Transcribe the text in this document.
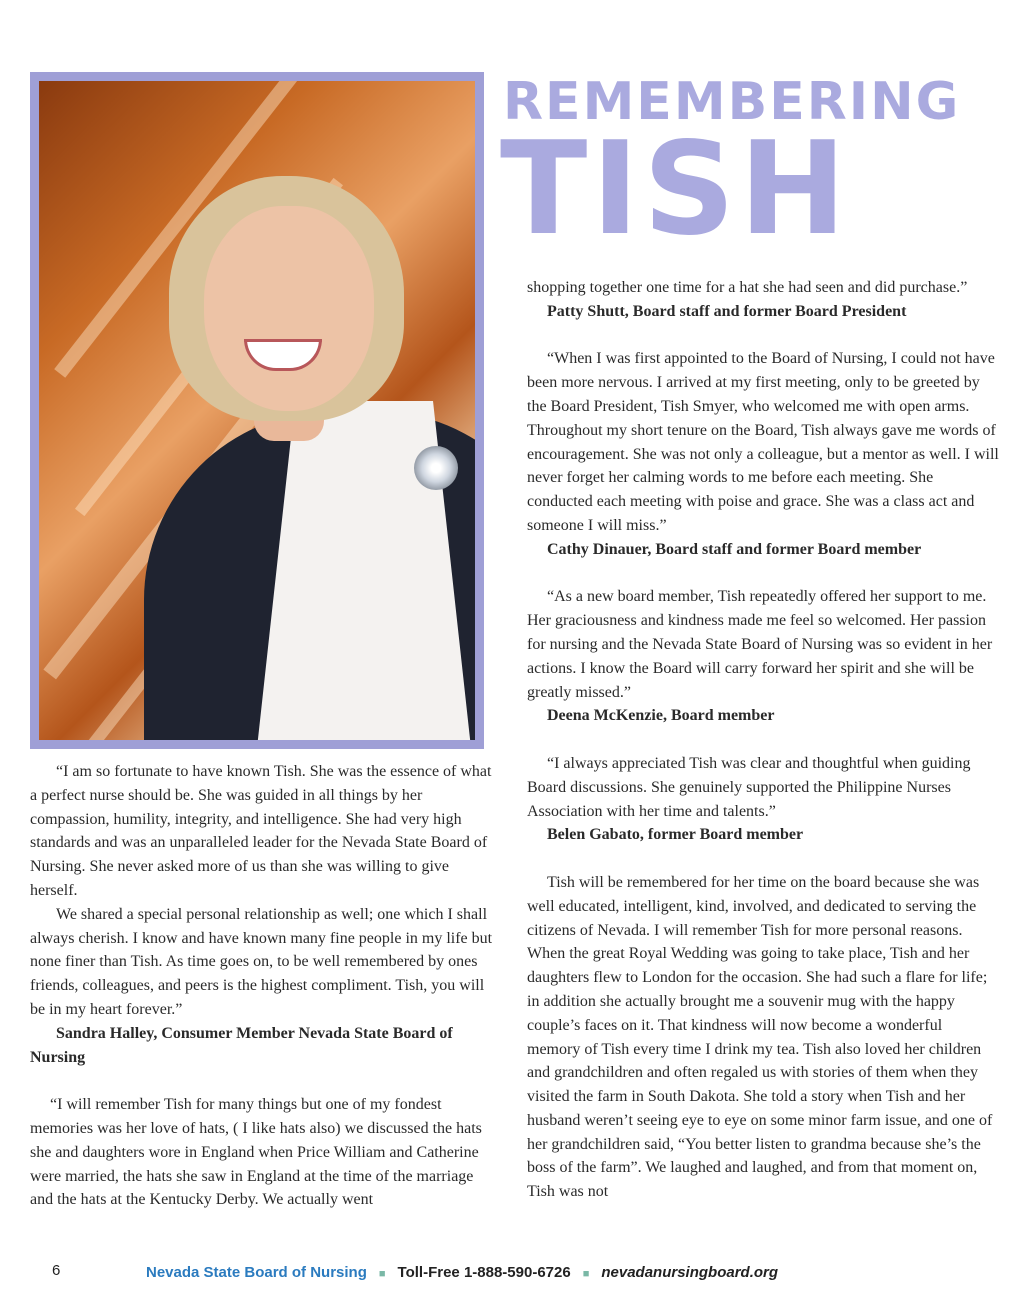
REMEMBERING
TISH

“I am so fortunate to have known Tish. She was the essence of what a perfect nurse should be. She was guided in all things by her compassion, humility, integrity, and intelligence. She had very high standards and was an unparalleled leader for the Nevada State Board of Nursing. She never asked more of us than she was willing to give herself.

We shared a special personal relationship as well; one which I shall always cherish. I know and have known many fine people in my life but none finer than Tish. As time goes on, to be well remembered by ones friends, colleagues, and peers is the highest compliment. Tish, you will be in my heart forever.”

Sandra Halley, Consumer Member Nevada State Board of Nursing

“I will remember Tish for many things but one of my fondest memories was her love of hats, ( I like hats also) we discussed the hats she and daughters wore in England when Price William and Catherine were married, the hats she saw in England at the time of the marriage and the hats at the Kentucky Derby. We actually went

shopping together one time for a hat she had seen and did purchase.”

Patty Shutt, Board staff and former Board President

“When I was first appointed to the Board of Nursing, I could not have been more nervous. I arrived at my first meeting, only to be greeted by the Board President, Tish Smyer, who welcomed me with open arms. Throughout my short tenure on the Board, Tish always gave me words of encouragement. She was not only a colleague, but a mentor as well. I will never forget her calming words to me before each meeting. She conducted each meeting with poise and grace. She was a class act and someone I will miss.”

Cathy Dinauer, Board staff and former Board member

“As a new board member, Tish repeatedly offered her support to me. Her graciousness and kindness made me feel so welcomed. Her passion for nursing and the Nevada State Board of Nursing was so evident in her actions. I know the Board will carry forward her spirit and she will be greatly missed.”

Deena McKenzie, Board member

“I always appreciated Tish was clear and thoughtful when guiding Board discussions. She genuinely supported the Philippine Nurses Association with her time and talents.”

Belen Gabato, former Board member

Tish will be remembered for her time on the board because she was well educated, intelligent, kind, involved, and dedicated to serving the citizens of Nevada. I will remember Tish for more personal reasons. When the great Royal Wedding was going to take place, Tish and her daughters flew to London for the occasion. She had such a flare for life; in addition she actually brought me a souvenir mug with the happy couple’s faces on it. That kindness will now become a wonderful memory of Tish every time I drink my tea. Tish also loved her children and grandchildren and often regaled us with stories of them when they visited the farm in South Dakota. She told a story when Tish and her husband weren’t seeing eye to eye on some minor farm issue, and one of her grandchildren said, “You better listen to grandma because she’s the boss of the farm”. We laughed and laughed, and from that moment on, Tish was not

6	Nevada State Board of Nursing ■ Toll-Free 1-888-590-6726 ■ nevadanursingboard.org
